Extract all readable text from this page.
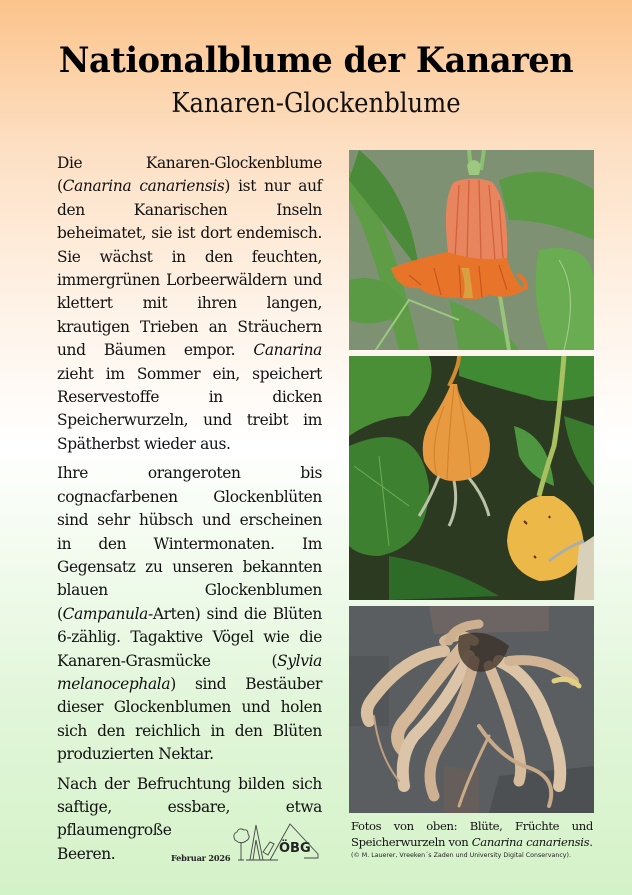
Nationalblume der Kanaren
Kanaren-Glockenblume

Die Kanaren-Glockenblume (Canarina canariensis) ist nur auf den Kanarischen Inseln beheimatet, sie ist dort endemisch. Sie wächst in den feuchten, immergrünen Lorbeerwäldern und klettert mit ihren langen, krautigen Trieben an Sträuchern und Bäumen empor. Canarina zieht im Sommer ein, speichert Reservestoffe in dicken Speicherwurzeln, und treibt im Spätherbst wieder aus.

Ihre orangeroten bis cognacfarbenen Glockenblüten sind sehr hübsch und erscheinen in den Wintermonaten. Im Gegensatz zu unseren bekannten blauen Glockenblumen (Campanula-Arten) sind die Blüten 6-zählig. Tagaktive Vögel wie die Kanaren-Grasmücke (Sylvia melanocephala) sind Bestäuber dieser Glockenblumen und holen sich den reichlich in den Blüten produzierten Nektar.

Nach der Befruchtung bilden sich saftige, essbare, etwa pflaumengroße
Beeren.

Fotos von oben: Blüte, Früchte und Speicherwurzeln von Canarina canariensis.
(© M. Lauerer, Vreeken´s Zaden und University Digital Conservancy).
Februar 2026
ÖBG
